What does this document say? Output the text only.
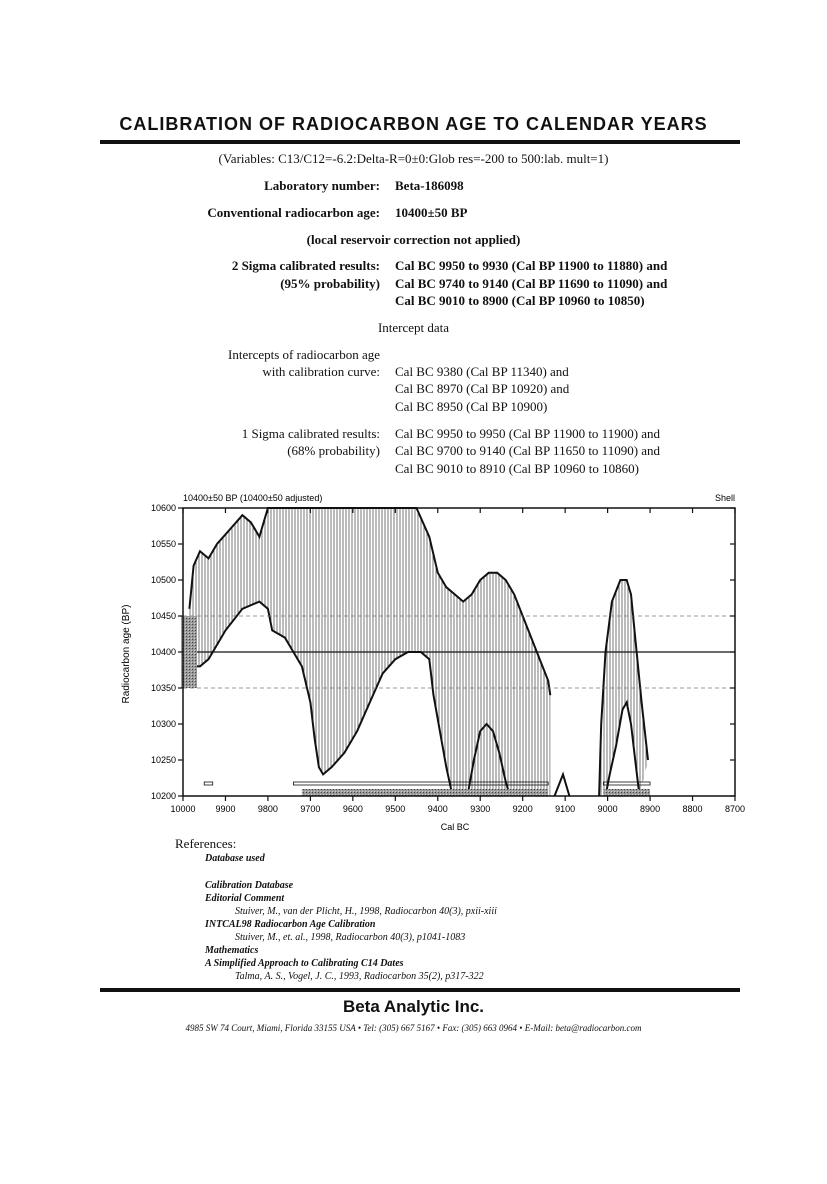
CALIBRATION OF RADIOCARBON AGE TO CALENDAR YEARS
(Variables: C13/C12=-6.2:Delta-R=0±0:Glob res=-200 to 500:lab. mult=1)
Laboratory number: Beta-186098
Conventional radiocarbon age: 10400±50 BP
(local reservoir correction not applied)
2 Sigma calibrated results:
(95% probability)
Cal BC 9950 to 9930 (Cal BP 11900 to 11880) and
Cal BC 9740 to 9140 (Cal BP 11690 to 11090) and
Cal BC 9010 to 8900 (Cal BP 10960 to 10850)
Intercept data
Intercepts of radiocarbon age
with calibration curve: Cal BC 9380 (Cal BP 11340) and
Cal BC 8970 (Cal BP 10920) and
Cal BC 8950 (Cal BP 10900)
1 Sigma calibrated results:
(68% probability)
Cal BC 9950 to 9950 (Cal BP 11900 to 11900) and
Cal BC 9700 to 9140 (Cal BP 11650 to 11090) and
Cal BC 9010 to 8910 (Cal BP 10960 to 10860)
10400±50 BP (10400±50 adjusted)	Shell
Cal BC
Radiocarbon age (BP)
10200
10250
10300
10350
10400
10450
10500
10550
10600
10000 9900 9800 9700 9600 9500 9400 9300 9200 9100 9000 8900 8800 8700
References:
Database used
Calibration Database
Editorial Comment
Stuiver, M., van der Plicht, H., 1998, Radiocarbon 40(3), pxii-xiii
INTCAL98 Radiocarbon Age Calibration
Stuiver, M., et. al., 1998, Radiocarbon 40(3), p1041-1083
Mathematics
A Simplified Approach to Calibrating C14 Dates
Talma, A. S., Vogel, J. C., 1993, Radiocarbon 35(2), p317-322
Beta Analytic Inc.
4985 SW 74 Court, Miami, Florida 33155 USA • Tel: (305) 667 5167 • Fax: (305) 663 0964 • E-Mail: beta@radiocarbon.com
